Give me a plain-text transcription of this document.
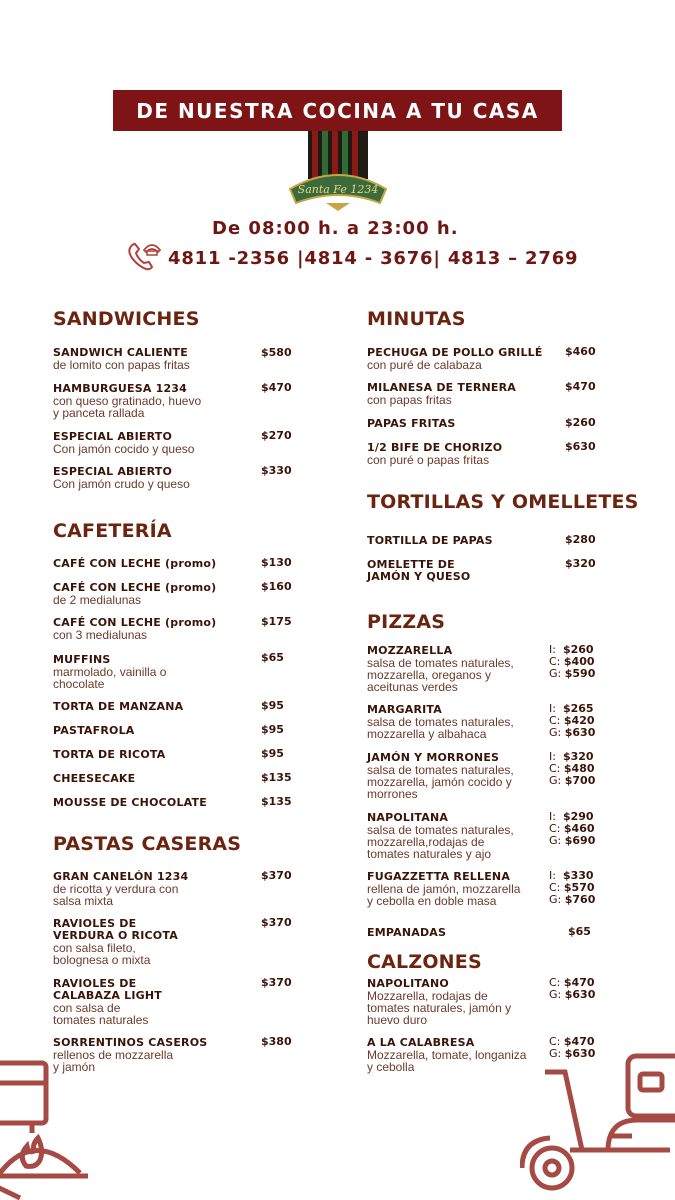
DE NUESTRA COCINA A TU CASA
Santa Fe 1234
De 08:00 h. a 23:00 h.
4811 -2356 |4814 - 3676| 4813 – 2769
SANDWICHES
SANDWICH CALIENTE
de lomito con papas fritas
$580
HAMBURGUESA 1234
con queso gratinado, huevo
y panceta rallada
$470
ESPECIAL ABIERTO
Con jamón cocido y queso
$270
ESPECIAL ABIERTO
Con jamón crudo y queso
$330
CAFETERÍA
CAFÉ CON LECHE (promo)	$130
CAFÉ CON LECHE (promo)
de 2 medialunas
$160
CAFÉ CON LECHE (promo)
con 3 medialunas
$175
MUFFINS
marmolado, vainilla o
chocolate
$65
TORTA DE MANZANA	$95
PASTAFROLA	$95
TORTA DE RICOTA	$95
CHEESECAKE	$135
MOUSSE DE CHOCOLATE	$135
PASTAS CASERAS
GRAN CANELÓN 1234
de ricotta y verdura con
salsa mixta
$370
RAVIOLES DE
VERDURA O RICOTA
con salsa fileto,
bolognesa o mixta
$370
RAVIOLES DE
CALABAZA LIGHT
con salsa de
tomates naturales
$370
SORRENTINOS CASEROS
rellenos de mozzarella
y jamón
$380
MINUTAS
PECHUGA DE POLLO GRILLÉ
con puré de calabaza
$460
MILANESA DE TERNERA
con papas fritas
$470
PAPAS FRITAS	$260
1/2 BIFE DE CHORIZO
con puré o papas fritas
$630
TORTILLAS Y OMELLETES
TORTILLA DE PAPAS	$280
OMELETTE DE
JAMÓN Y QUESO
$320
PIZZAS
MOZZARELLA
salsa de tomates naturales,
mozzarella, oreganos y
aceitunas verdes
I: $260
C: $400
G: $590
MARGARITA
salsa de tomates naturales,
mozzarella y albahaca
I: $265
C: $420
G: $630
JAMÓN Y MORRONES
salsa de tomates naturales,
mozzarella, jamón cocido y
morrones
I: $320
C: $480
G: $700
NAPOLITANA
salsa de tomates naturales,
mozzarella,rodajas de
tomates naturales y ajo
I: $290
C: $460
G: $690
FUGAZZETTA RELLENA
rellena de jamón, mozzarella
y cebolla en doble masa
I: $330
C: $570
G: $760
EMPANADAS	$65
CALZONES
NAPOLITANO
Mozzarella, rodajas de
tomates naturales, jamón y
huevo duro
C: $470
G: $630
A LA CALABRESA
Mozzarella, tomate, longaniza
y cebolla
C: $470
G: $630
